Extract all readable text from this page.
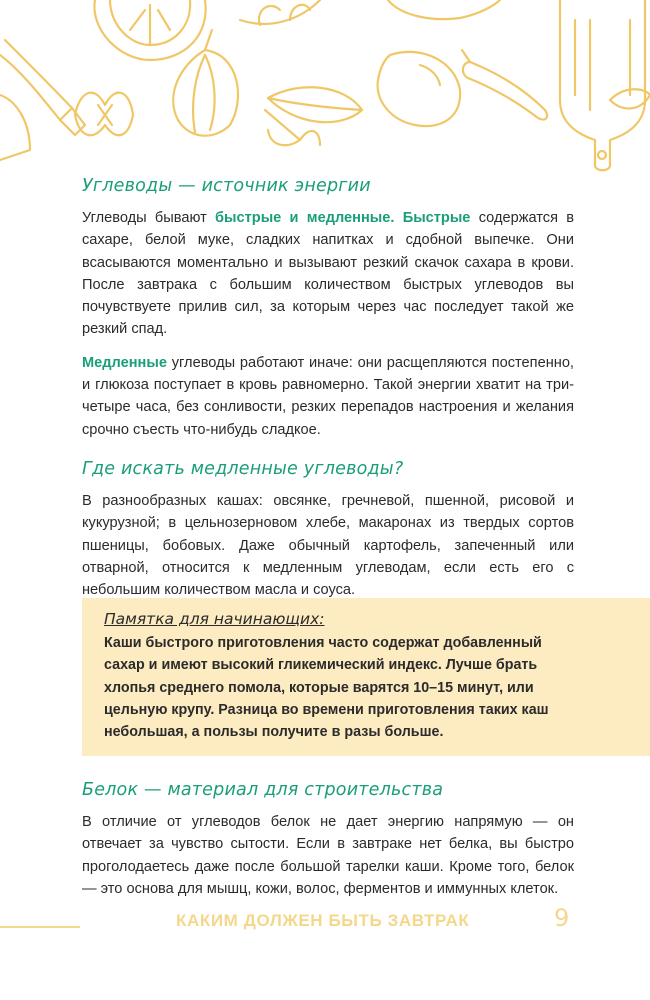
Углеводы — источник энергии

Углеводы бывают быстрые и медленные. Быстрые содержатся в сахаре, белой муке, сладких напитках и сдобной выпечке. Они всасываются моментально и вызывают резкий скачок сахара в крови. После завтрака с большим количеством быстрых углеводов вы почувствуете прилив сил, за которым через час последует такой же резкий спад.

Медленные углеводы работают иначе: они расщепляются постепенно, и глюкоза поступает в кровь равномерно. Такой энергии хватит на три-четыре часа, без сонливости, резких перепадов настроения и желания срочно съесть что-нибудь сладкое.

Где искать медленные углеводы?

В разнообразных кашах: овсянке, гречневой, пшенной, рисовой и кукурузной; в цельнозерновом хлебе, макаронах из твердых сортов пшеницы, бобовых. Даже обычный картофель, запеченный или отварной, относится к медленным углеводам, если есть его с небольшим количеством масла и соуса.

Памятка для начинающих:

Каши быстрого приготовления часто содержат добавленный сахар и имеют высокий гликемический индекс. Лучше брать хлопья среднего помола, которые варятся 10–15 минут, или цельную крупу. Разница во времени приготовления таких каш небольшая, а пользы получите в разы больше.

Белок — материал для строительства

В отличие от углеводов белок не дает энергию напрямую — он отвечает за чувство сытости. Если в завтраке нет белка, вы быстро проголодаетесь даже после большой тарелки каши. Кроме того, белок — это основа для мышц, кожи, волос, ферментов и иммунных клеток.

КАКИМ ДОЛЖЕН БЫТЬ ЗАВТРАК	9
